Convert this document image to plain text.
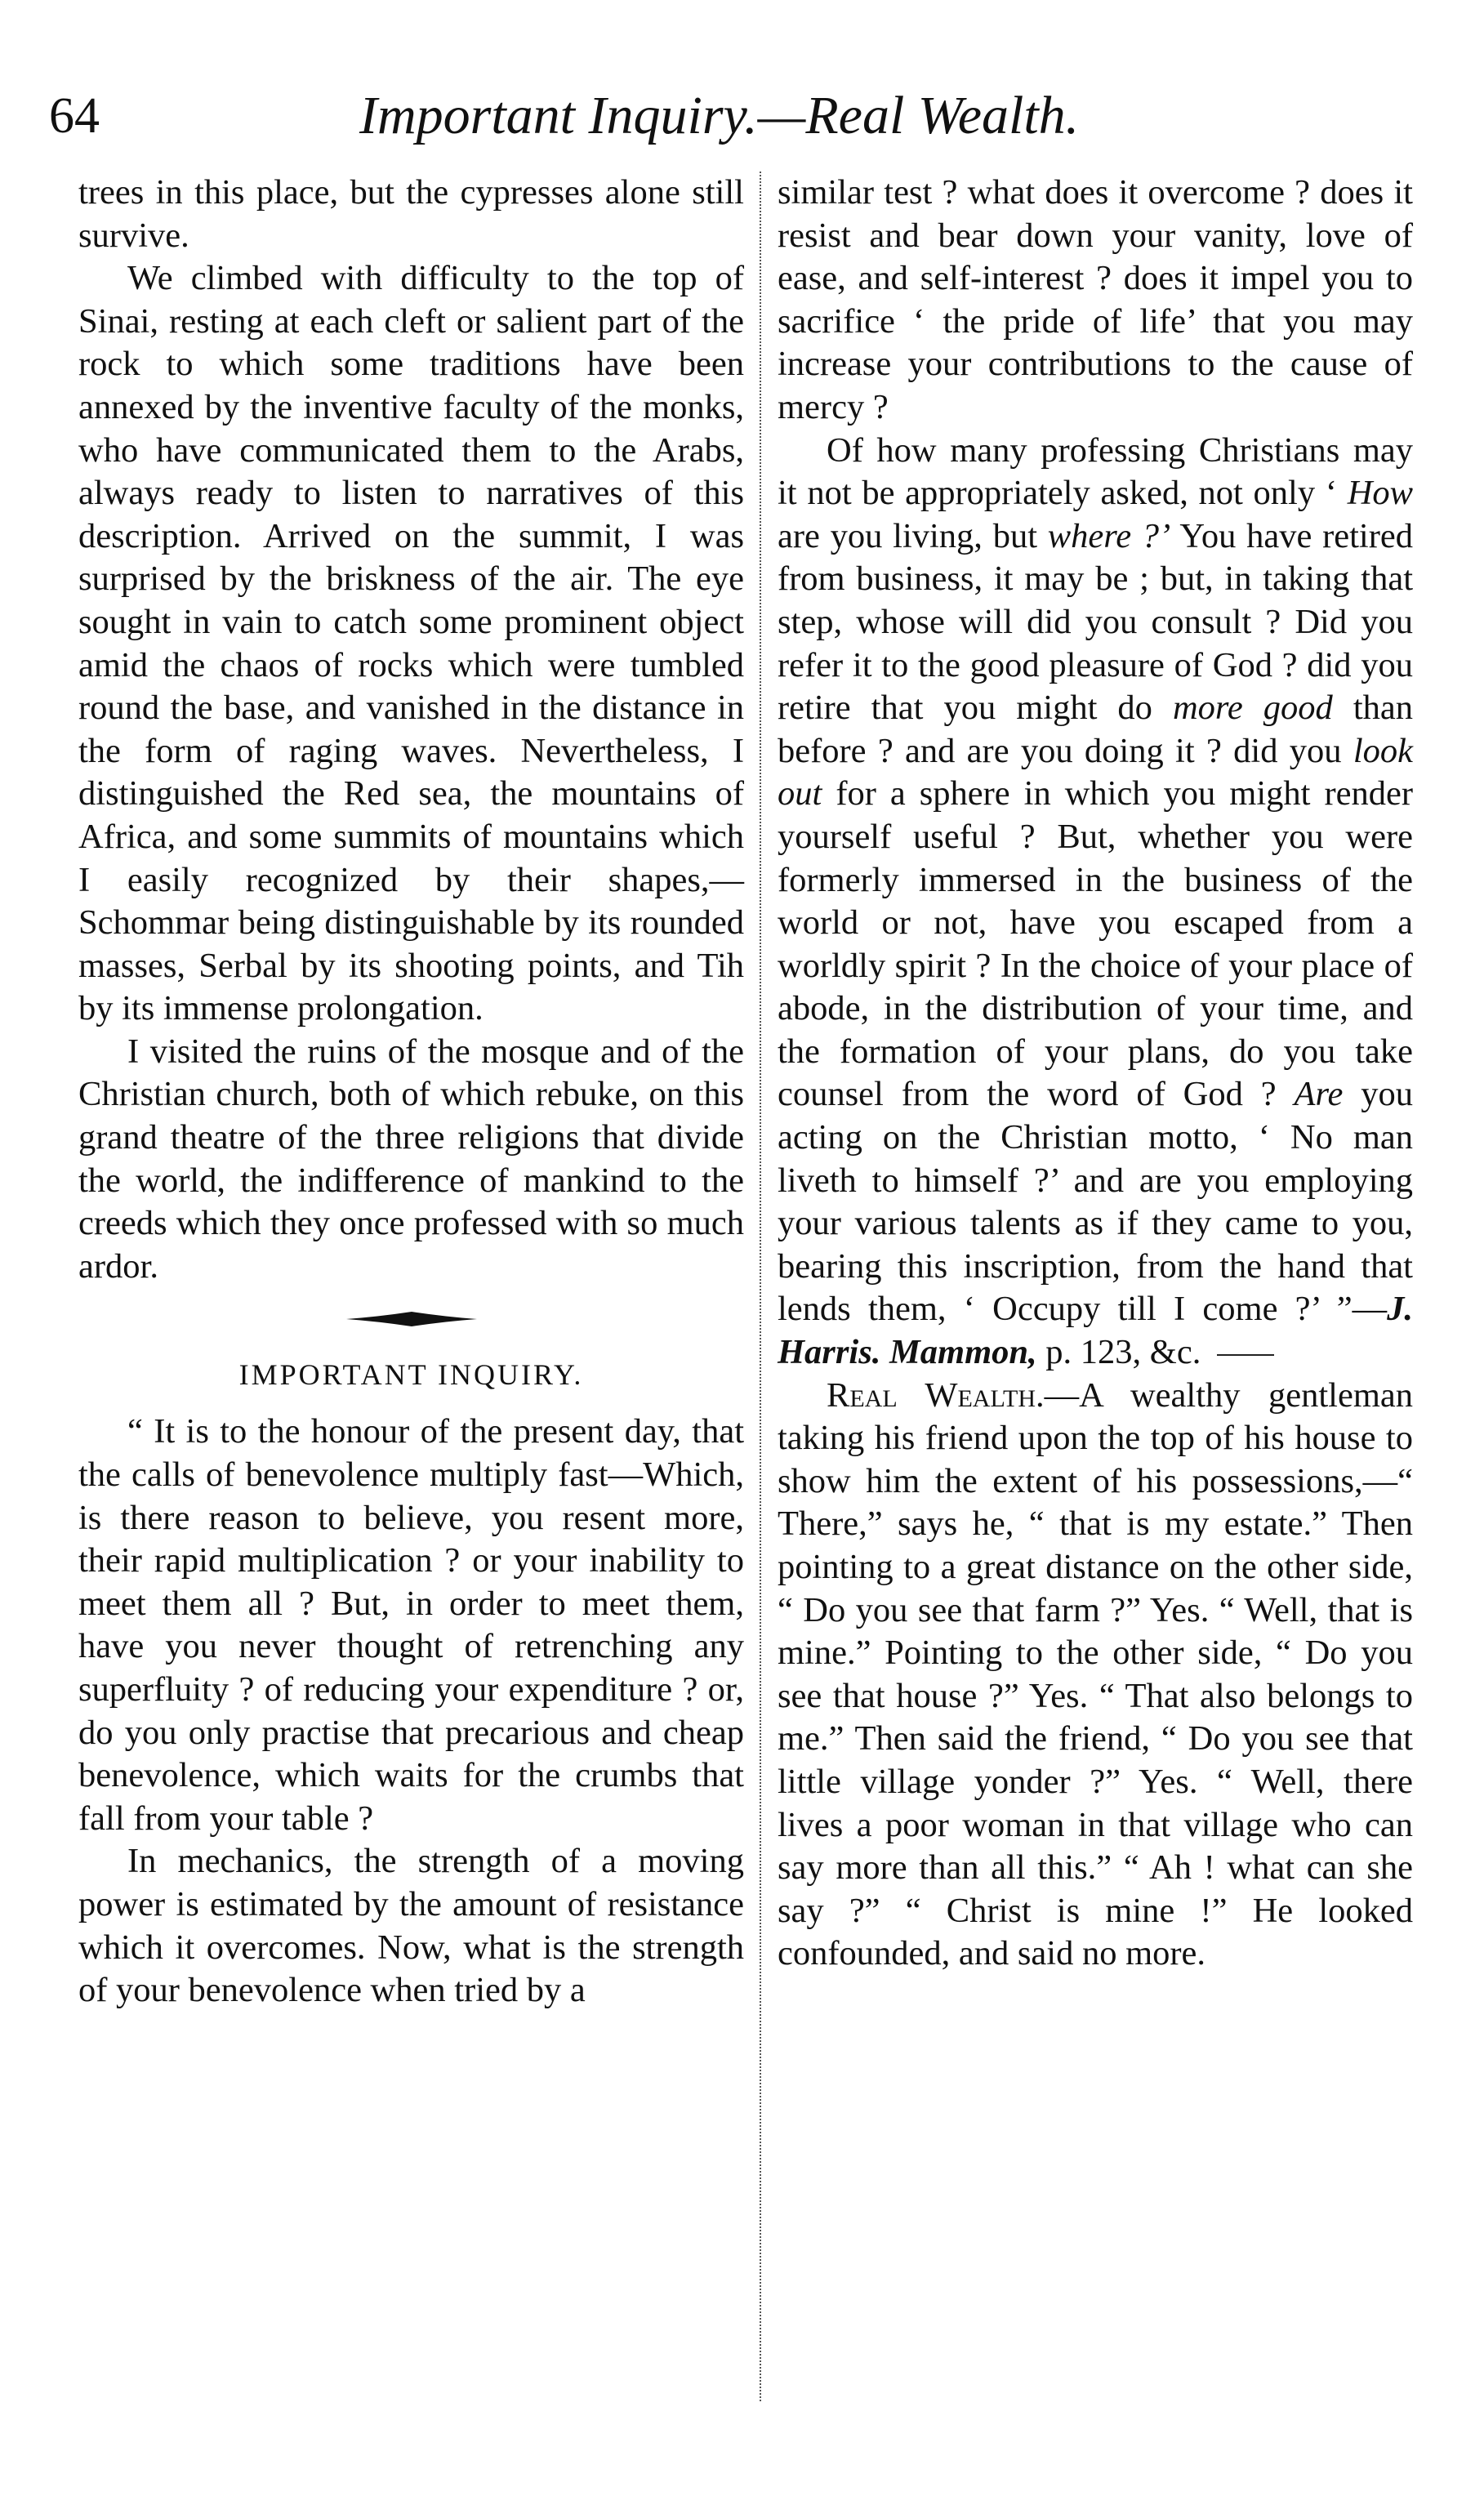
64	Important Inquiry.—Real Wealth.

trees in this place, but the cypresses alone still survive.

We climbed with difficulty to the top of Sinai, resting at each cleft or salient part of the rock to which some traditions have been annexed by the inventive faculty of the monks, who have communicated them to the Arabs, always ready to listen to narratives of this description. Arrived on the summit, I was surprised by the briskness of the air. The eye sought in vain to catch some prominent object amid the chaos of rocks which were tumbled round the base, and vanished in the distance in the form of raging waves. Nevertheless, I distinguished the Red sea, the mountains of Africa, and some summits of mountains which I easily recognized by their shapes,—Schommar being distinguishable by its rounded masses, Serbal by its shooting points, and Tih by its immense prolongation.

I visited the ruins of the mosque and of the Christian church, both of which rebuke, on this grand theatre of the three religions that divide the world, the indifference of mankind to the creeds which they once professed with so much ardor.

IMPORTANT INQUIRY.

“ It is to the honour of the present day, that the calls of benevolence multiply fast—Which, is there reason to believe, you resent more, their rapid multiplication ? or your inability to meet them all ? But, in order to meet them, have you never thought of retrenching any superfluity ? of reducing your expenditure ? or, do you only practise that precarious and cheap benevolence, which waits for the crumbs that fall from your table ?

In mechanics, the strength of a moving power is estimated by the amount of resistance which it overcomes. Now, what is the strength of your benevolence when tried by a

similar test ? what does it overcome ? does it resist and bear down your vanity, love of ease, and self-interest ? does it impel you to sacrifice ‘ the pride of life’ that you may increase your contributions to the cause of mercy ?

Of how many professing Christians may it not be appropriately asked, not only ‘ How are you living, but where ?’ You have retired from business, it may be ; but, in taking that step, whose will did you consult ? Did you refer it to the good pleasure of God ? did you retire that you might do more good than before ? and are you doing it ? did you look out for a sphere in which you might render yourself useful ? But, whether you were formerly immersed in the business of the world or not, have you escaped from a worldly spirit ? In the choice of your place of abode, in the distribution of your time, and the formation of your plans, do you take counsel from the word of God ? Are you acting on the Christian motto, ‘ No man liveth to himself ?’ and are you employing your various talents as if they came to you, bearing this inscription, from the hand that lends them, ‘ Occupy till I come ?’ ”—J. Harris. Mammon, p. 123, &c.

Real Wealth.—A wealthy gentleman taking his friend upon the top of his house to show him the extent of his possessions,—“ There,” says he, “ that is my estate.” Then pointing to a great distance on the other side, “ Do you see that farm ?” Yes. “ Well, that is mine.” Pointing to the other side, “ Do you see that house ?” Yes. “ That also belongs to me.” Then said the friend, “ Do you see that little village yonder ?” Yes. “ Well, there lives a poor woman in that village who can say more than all this.” “ Ah ! what can she say ?” “ Christ is mine !” He looked confounded, and said no more.
